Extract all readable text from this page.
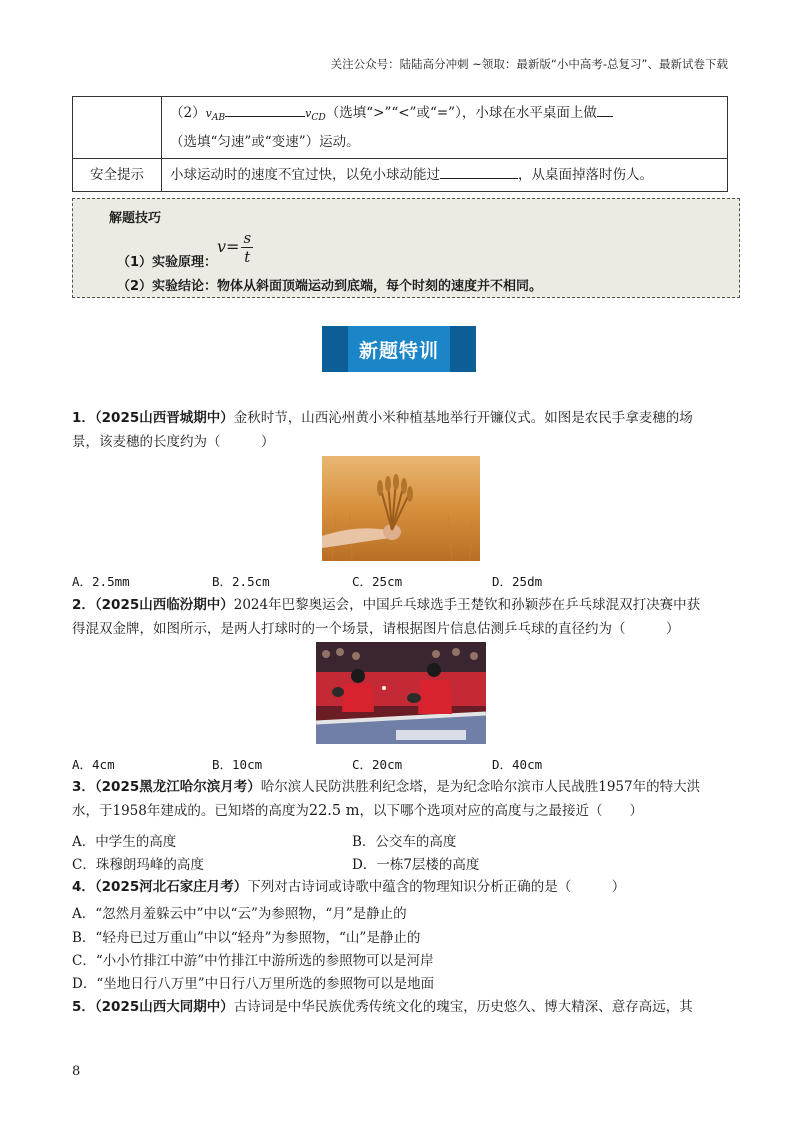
关注公众号：陆陆高分冲刺 ~领取：最新版“小中高考-总复习”、最新试卷下载
	$(2)v_{AB}$ $v_{CD}$（选填“>”“<”或“=”），小球在水平桌面上做
（选填“匀速”或“变速”）运动。
安全提示	小球运动时的速度不宜过快，以免小球动能过 ，从桌面掉落时伤人。
解题技巧
$v= \frac{s}{t}$
（1）实验原理：
（2）实验结论：物体从斜面顶端运动到底端，每个时刻的速度并不相同。
新题特训
1．（2025山西晋城期中）金秋时节，山西沁州黄小米种植基地举行开镰仪式。如图是农民手拿麦穗的场
景，该麦穗的长度约为（　　　）
A．2.5mm	B．2.5cm	C．25cm	D．25dm
2．（2025山西临汾期中）2024年巴黎奥运会，中国乒乓球选手王楚钦和孙颖莎在乒乓球混双打决赛中获
得混双金牌，如图所示，是两人打球时的一个场景，请根据图片信息估测乒乓球的直径约为（　　　）
A．4cm	B．10cm	C．20cm	D．40cm
3．（2025黑龙江哈尔滨月考）哈尔滨人民防洪胜利纪念塔，是为纪念哈尔滨市人民战胜1957年的特大洪
水，于1958年建成的。已知塔的高度为22.5 m，以下哪个选项对应的高度与之最接近（　　）
A．中学生的高度	B．公交车的高度
C．珠穆朗玛峰的高度	D．一栋7层楼的高度
4．（2025河北石家庄月考）下列对古诗词或诗歌中蕴含的物理知识分析正确的是（　　　）
A．“忽然月羞躲云中”中以“云”为参照物，“月”是静止的
B．“轻舟已过万重山”中以“轻舟”为参照物，“山”是静止的
C．“小小竹排江中游”中竹排江中游所选的参照物可以是河岸
D．“坐地日行八万里”中日行八万里所选的参照物可以是地面
5．（2025山西大同期中）古诗词是中华民族优秀传统文化的瑰宝，历史悠久、博大精深、意存高远，其
8
